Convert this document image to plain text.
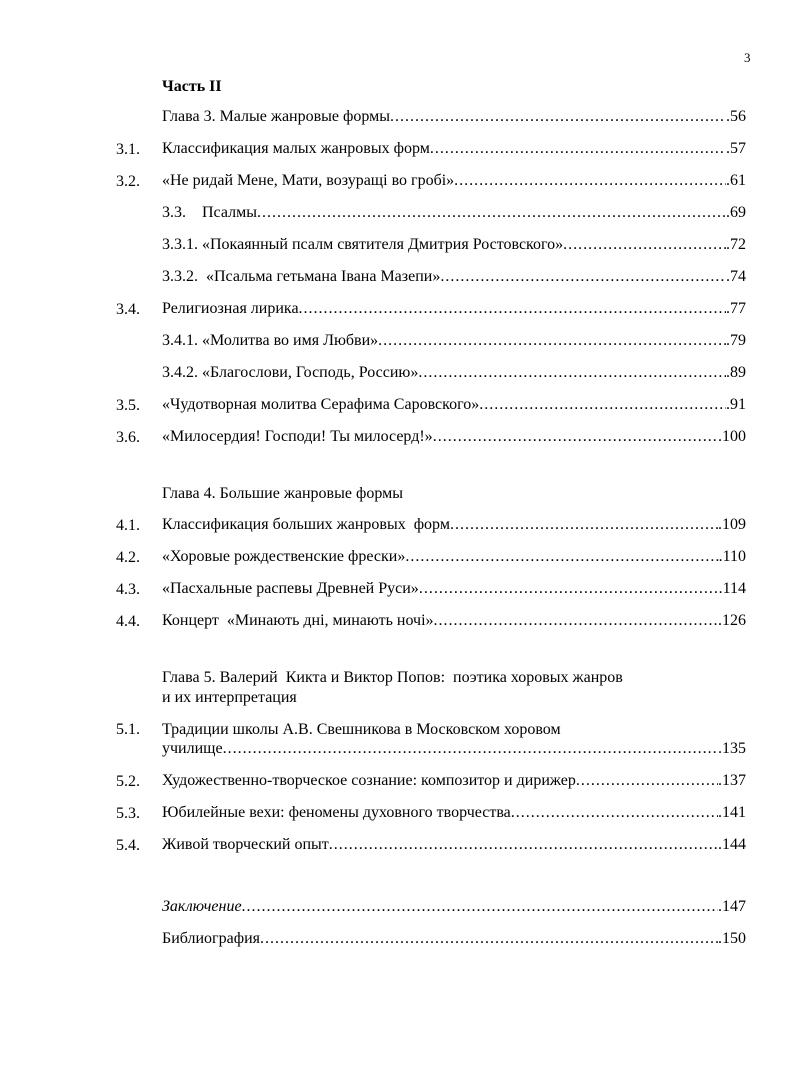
3
Часть II
Глава 3. Малые жанровые формы .....	.56
3.1. Классификация малых жанровых форм .....	.57
3.2. «Не ридай Мене, Мати, возуращі во гробі» .....	.61
3.3.    Псалмы .....	.69
3.3.1. «Покаянный псалм святителя Дмитрия Ростовского» .....	.72
3.3.2.  «Псальма гетьмана Івана Мазепи» .....	.74
3.4. Религиозная лирика .....	.77
3.4.1. «Молитва во имя Любви» .....	.79
3.4.2. «Благослови, Господь, Россию» .....	.89
3.5. «Чудотворная молитва Серафима Саровского» .....	.91
3.6. «Милосердия! Господи! Ты милосерд!» .....	.100
Глава 4. Большие жанровые формы
4.1. Классификация больших жанровых  форм .....	.109
4.2. «Хоровые рождественские фрески» .....	.110
4.3. «Пасхальные распевы Древней Руси» .....	.114
4.4. Концерт  «Минають дні, минають ночі» .....	.126
Глава 5. Валерий  Кикта и Виктор Попов:  поэтика хоровых жанров
и их интерпретация
5.1. Традиции школы А.В. Свешникова в Московском хоровом
училище .....	.135
5.2. Художественно-творческое сознание: композитор и дирижер .....	.137
5.3. Юбилейные вехи: феномены духовного творчества .....	.141
5.4. Живой творческий опыт .....	.144
Заключение .....	.147
Библиография .....	.150
